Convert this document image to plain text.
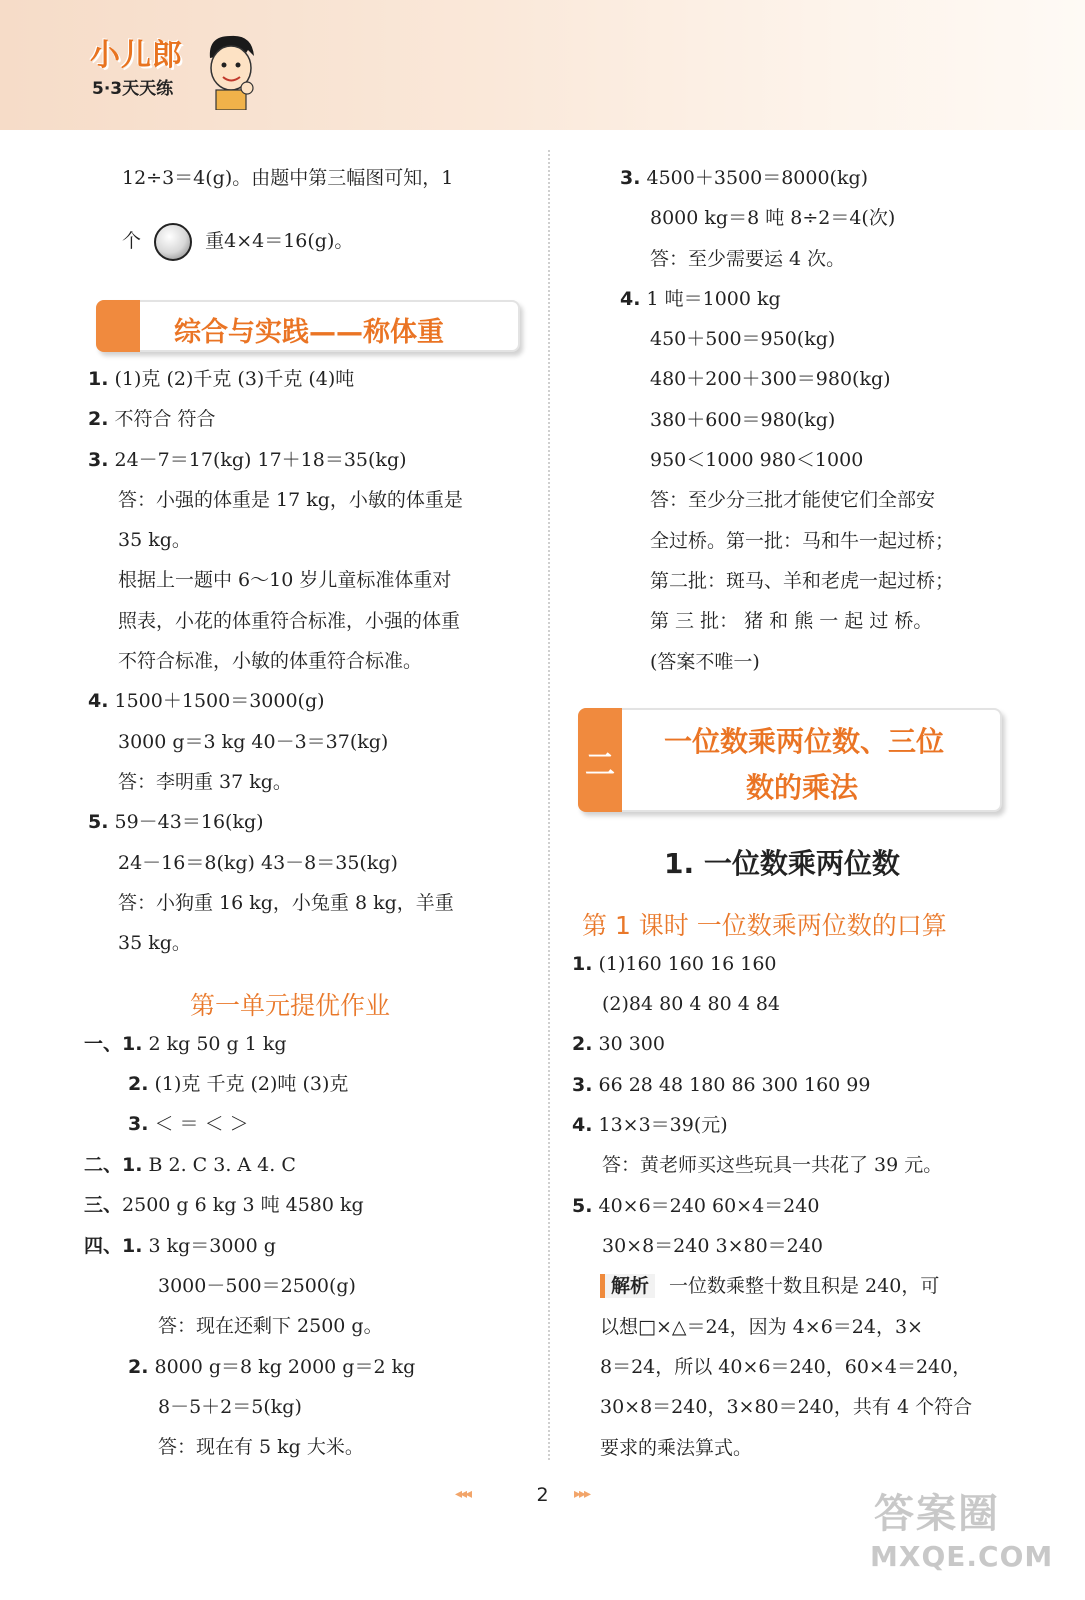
小儿郎
5·3天天练
12÷3＝4(g)。由题中第三幅图可知，1
个	重4×4＝16(g)。
综合与实践——称体重
1. (1)克 (2)千克 (3)千克 (4)吨
2. 不符合 符合
3. 24－7＝17(kg) 17＋18＝35(kg)
答：小强的体重是 17 kg，小敏的体重是
35 kg。
根据上一题中 6～10 岁儿童标准体重对
照表，小花的体重符合标准，小强的体重
不符合标准，小敏的体重符合标准。
4. 1500＋1500＝3000(g)
3000 g＝3 kg 40－3＝37(kg)
答：李明重 37 kg。
5. 59－43＝16(kg)
24－16＝8(kg) 43－8＝35(kg)
答：小狗重 16 kg，小兔重 8 kg，羊重
35 kg。
第一单元提优作业
一、1. 2 kg 50 g 1 kg
2. (1)克 千克 (2)吨 (3)克
3. ＜ ＝ ＜ ＞
二、1. B 2. C 3. A 4. C
三、2500 g 6 kg 3 吨 4580 kg
四、1. 3 kg＝3000 g
3000－500＝2500(g)
答：现在还剩下 2500 g。
2. 8000 g＝8 kg 2000 g＝2 kg
8－5＋2＝5(kg)
答：现在有 5 kg 大米。
3. 4500＋3500＝8000(kg)
8000 kg＝8 吨 8÷2＝4(次)
答：至少需要运 4 次。
4. 1 吨＝1000 kg
450＋500＝950(kg)
480＋200＋300＝980(kg)
380＋600＝980(kg)
950＜1000 980＜1000
答：至少分三批才能使它们全部安
全过桥。第一批：马和牛一起过桥；
第二批：斑马、羊和老虎一起过桥；
第 三 批： 猪 和 熊 一 起 过 桥。
(答案不唯一)
二
一位数乘两位数、三位
数的乘法
1. 一位数乘两位数
第 1 课时 一位数乘两位数的口算
1. (1)160 160 16 160
(2)84 80 4 80 4 84
2. 30 300
3. 66 28 48 180 86 300 160 99
4. 13×3＝39(元)
答：黄老师买这些玩具一共花了 39 元。
5. 40×6＝240 60×4＝240
30×8＝240 3×80＝240
解析 一位数乘整十数且积是 240，可
以想□×△＝24，因为 4×6＝24，3×
8＝24，所以 40×6＝240，60×4＝240，
30×8＝240，3×80＝240，共有 4 个符合
要求的乘法算式。
◂◂◂	2	▸▸▸	答案圈
MXQE.COM
